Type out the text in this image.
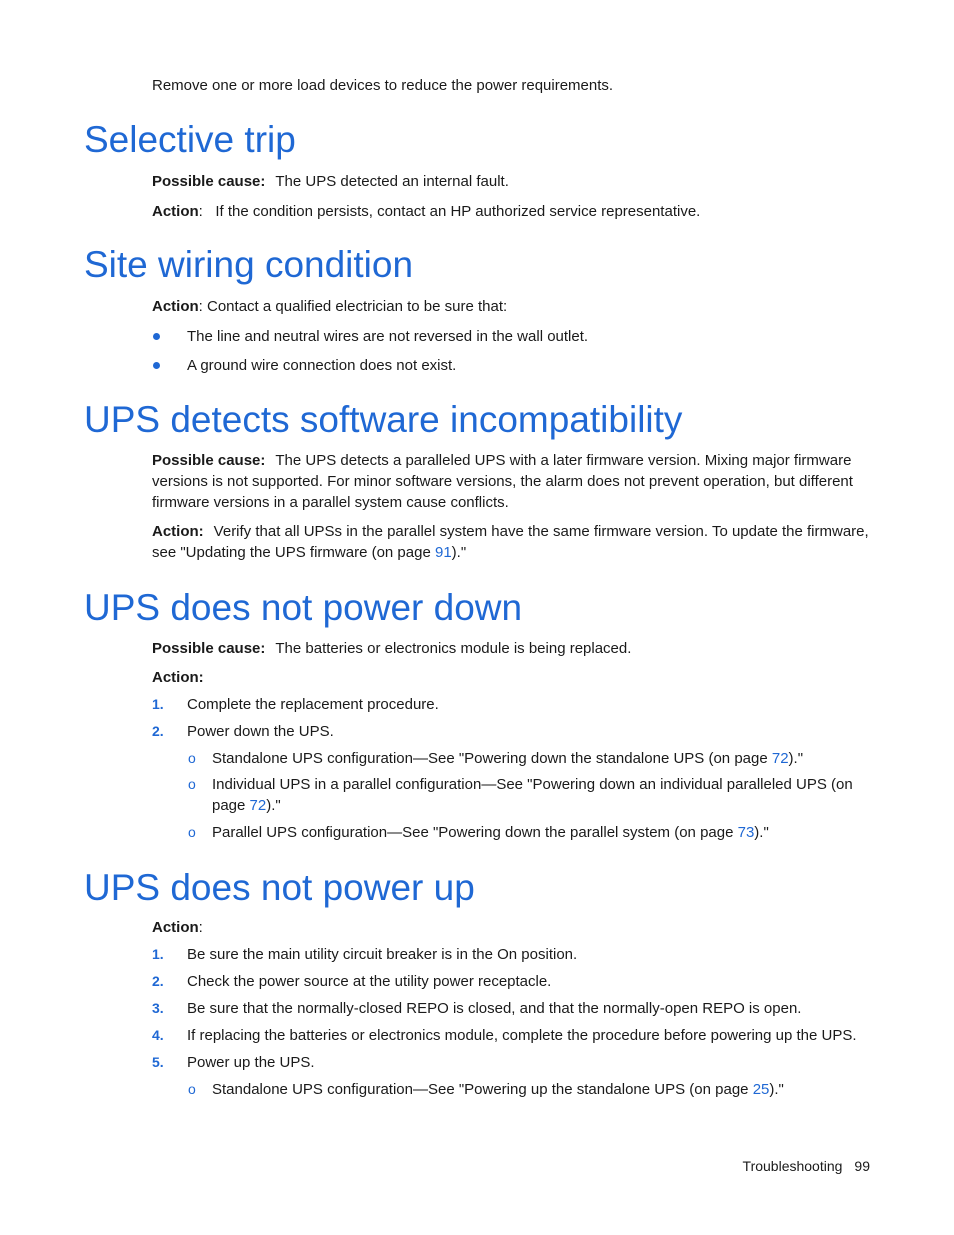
Remove one or more load devices to reduce the power requirements.
Selective trip
Possible cause: The UPS detected an internal fault.
Action:   If the condition persists, contact an HP authorized service representative.
Site wiring condition
Action: Contact a qualified electrician to be sure that:
The line and neutral wires are not reversed in the wall outlet.
A ground wire connection does not exist.
UPS detects software incompatibility
Possible cause: The UPS detects a paralleled UPS with a later firmware version. Mixing major firmware versions is not supported. For minor software versions, the alarm does not prevent operation, but different firmware versions in a parallel system cause conflicts.
Action: Verify that all UPSs in the parallel system have the same firmware version. To update the firmware, see "Updating the UPS firmware (on page 91)."
UPS does not power down
Possible cause: The batteries or electronics module is being replaced.
Action:
1. Complete the replacement procedure.
2. Power down the UPS.
o Standalone UPS configuration—See "Powering down the standalone UPS (on page 72)."
o Individual UPS in a parallel configuration—See "Powering down an individual paralleled UPS (on page 72)."
o Parallel UPS configuration—See "Powering down the parallel system (on page 73)."
UPS does not power up
Action:
1. Be sure the main utility circuit breaker is in the On position.
2. Check the power source at the utility power receptacle.
3. Be sure that the normally-closed REPO is closed, and that the normally-open REPO is open.
4. If replacing the batteries or electronics module, complete the procedure before powering up the UPS.
5. Power up the UPS.
o Standalone UPS configuration—See "Powering up the standalone UPS (on page 25)."
Troubleshooting 99
